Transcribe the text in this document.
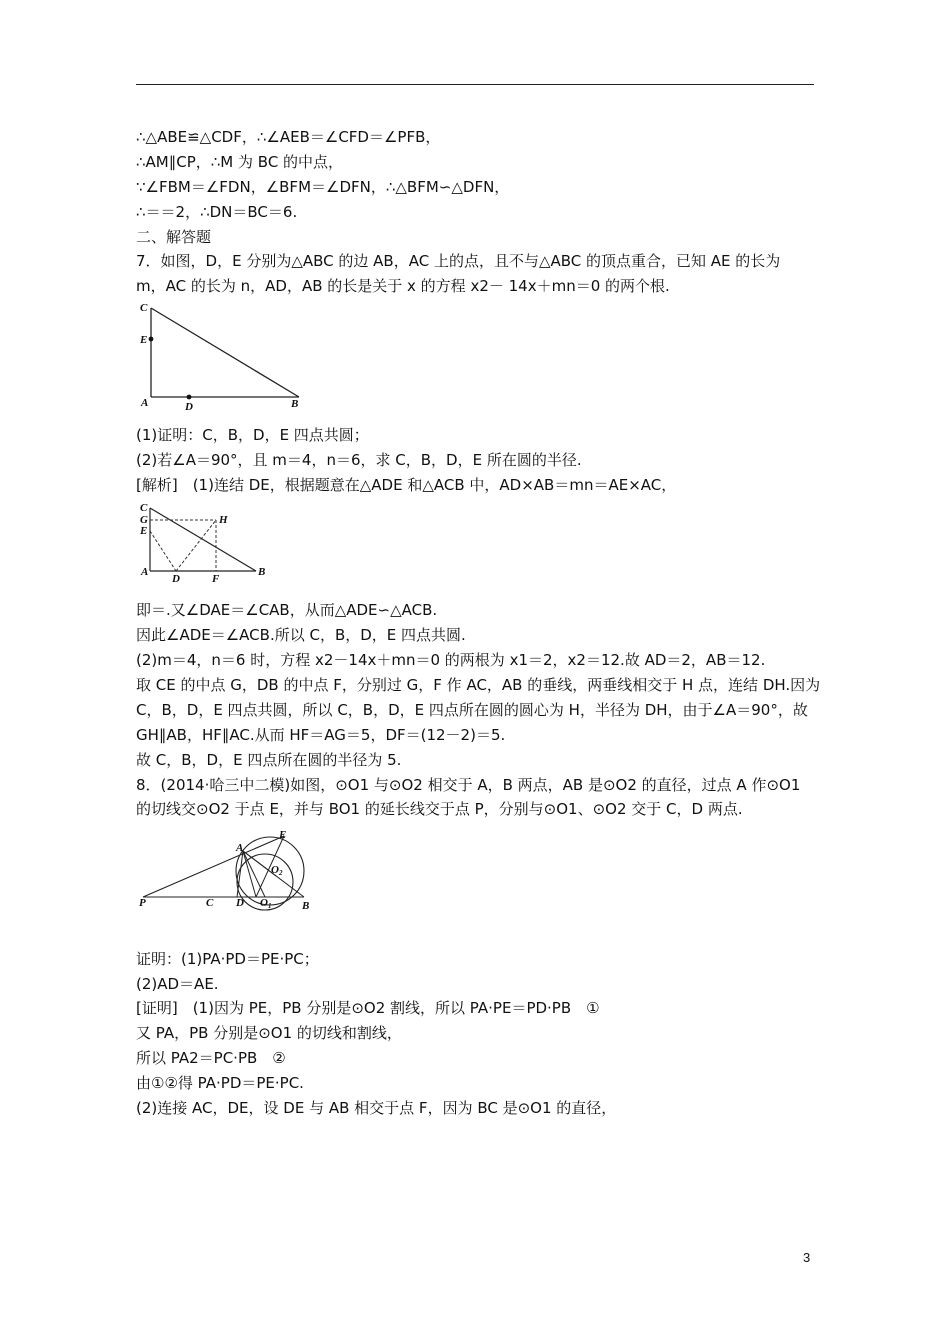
∴△ABE≌△CDF，∴∠AEB＝∠CFD＝∠PFB，
∴AM∥CP，∴M 为 BC 的中点，
∵∠FBM＝∠FDN，∠BFM＝∠DFN，∴△BFM∽△DFN，
∴＝＝2，∴DN＝BC＝6.
二、解答题
7．如图，D，E 分别为△ABC 的边 AB，AC 上的点，且不与△ABC 的顶点重合，已知 AE 的长为
m，AC 的长为 n，AD，AB 的长是关于 x 的方程 x2－ 14x＋mn＝0 的两个根.
C
E
A	D	B
(1)证明：C，B，D，E 四点共圆；
(2)若∠A＝90°，且 m＝4，n＝6，求 C，B，D，E 所在圆的半径.
[解析]　(1)连结 DE，根据题意在△ADE 和△ACB 中，AD×AB＝mn＝AE×AC，
C
G
E
H
A
D	F
B
即＝.又∠DAE＝∠CAB，从而△ADE∽△ACB.
因此∠ADE＝∠ACB.所以 C，B，D，E 四点共圆.
(2)m＝4，n＝6 时，方程 x2－14x＋mn＝0 的两根为 x1＝2，x2＝12.故 AD＝2，AB＝12.
取 CE 的中点 G，DB 的中点 F，分别过 G，F 作 AC，AB 的垂线，两垂线相交于 H 点，连结 DH.因为
C，B，D，E 四点共圆，所以 C，B，D，E 四点所在圆的圆心为 H，半径为 DH，由于∠A＝90°，故
GH∥AB，HF∥AC.从而 HF＝AG＝5，DF＝(12－2)＝5.
故 C，B，D，E 四点所在圆的半径为 5.
8．(2014·哈三中二模)如图，⊙O1 与⊙O2 相交于 A，B 两点，AB 是⊙O2 的直径，过点 A 作⊙O1
的切线交⊙O2 于点 E，并与 BO1 的延长线交于点 P，分别与⊙O1、⊙O2 交于 C，D 两点.
A
E
O2
P	C D O1	B
证明：(1)PA·PD＝PE·PC；
(2)AD＝AE.
[证明]　(1)因为 PE，PB 分别是⊙O2 割线，所以 PA·PE＝PD·PB　①
又 PA，PB 分别是⊙O1 的切线和割线，
所以 PA2＝PC·PB　②
由①②得 PA·PD＝PE·PC.
(2)连接 AC，DE，设 DE 与 AB 相交于点 F，因为 BC 是⊙O1 的直径，
3
